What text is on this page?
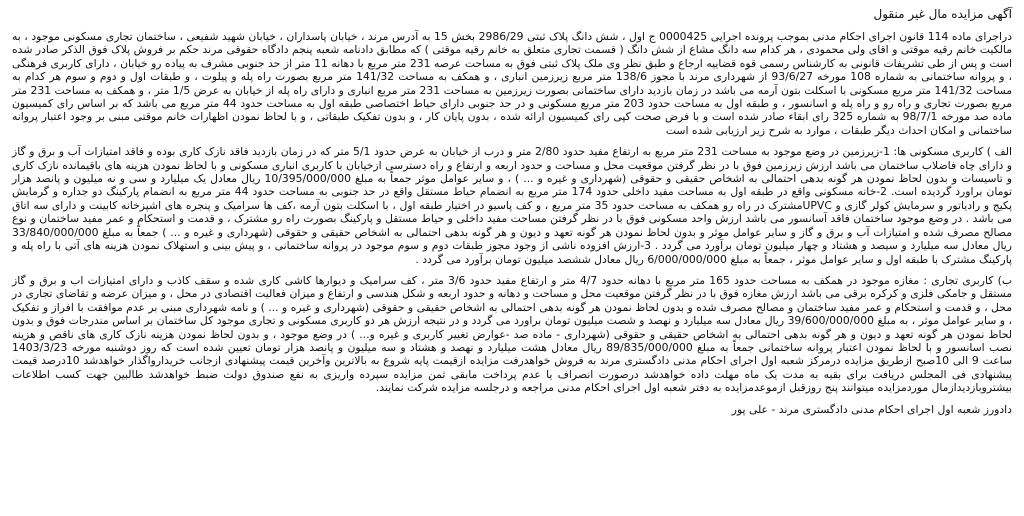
آگهی مزایده مال غیر منقول

دراجرای ماده 114 قانون اجرای احکام مدنی بموجب پرونده اجرایی 0000425 ج اول ، شش دانگ پلاک ثبتی 2986/29 بخش 15 به آدرس مرند ، خیابان پاسداران ، خیابان شهید شفیعی ، ساختمان تجاری مسکونی موجود ، به مالکیت خانم رقیه موقتی و اقای ولی محمودی ، هر کدام سه دانگ مشاع از شش دانگ ( قسمت تجاری متعلق به خانم رقیه موقتی ) که مطابق دادنامه شعبه پنجم دادگاه حقوقی مرند حکم بر فروش پلاک فوق الذکر صادر شده است و پس از طی تشریفات قانونی به کارشناس رسمی قوه قضاییه ارجاع و طبق نظر وی ملک پلاک ثبتی فوق به مساحت عرصه 231 متر مربع با دهانه 11 متر از حد جنوبی مشرف به پیاده رو خیابان ، دارای کاربری فرهنگی ، و پروانه ساختمانی به شماره 108 مورخه 93/6/27 از شهرداری مرند با مجوز 138/6 متر مربع زیرزمین انباری ، و همکف به مساحت 141/32 متر مربع بصورت راه پله و پیلوت ، و طبقات اول و دوم و سوم هر کدام به مساحت 141/32 متر مربع مسکونی با اسکلت بتون آرمه می باشد در زمان بازدید دارای ساختمانی بصورت زیرزمین به مساحت 231 متر مربع انباری و دارای راه پله از خیابان به عرض 1/5 متر ، و همکف به مساحت 231 متر مربع بصورت تجاری و راه رو و راه پله و اسانسور ، و طبقه اول به مساحت حدود 203 متر مربع مسکونی و در حد جنوبی دارای حیاط اختصاصی طبقه اول به مساحت حدود 44 متر مربع می باشد که بر اساس رای کمیسیون ماده صد مورخه 98/7/1 به شماره 325 رای ابقاء صادر شده است و با فرض صحت کپی رای کمیسیون ارائه شده ، بدون پایان کار ، و بدون تفکیک طبقاتی ، و با لحاظ نمودن اظهارات خانم موقتی مبنی بر وجود اعتبار پروانه ساختمانی و امکان احداث دیگر طبقات ، موارد به شرح زیر ارزیابی شده است

الف ) کاربری مسکونی ها: 1-زیرزمین در وضع موجود به مساحت 231 متر مربع به ارتفاع مفید حدود 2/80 متر و درب از خیابان به عرض حدود 5/1 متر که در زمان بازدید فاقد نازک کاری بوده و فاقد امتیازات آب و برق و گاز و دارای چاه فاضلاب ساختمان می باشد ارزش زیرزمین فوق با در نظر گرفتن موقعیت محل و مساحت و حدود اربعه و ارتفاع و راه دسترسی ازخیابان با کاربری انباری مسکونی و با لحاظ نمودن هزینه های باقیمانده نازک کاری و تاسیسات و بدون لحاظ نمودن هر گونه بدهی احتمالی به اشخاص حقیقی و حقوقی (شهرداری و غیره و ... ) ، و سایر عوامل موثر جمعاً به مبلغ 10/395/000/000 ریال معادل یک میلیارد و سی و نه میلیون و پانصد هزار تومان براورد گردیده است. 2-خانه مسکونی واقع در طبقه اول به مساحت مفید داخلی حدود 174 متر مربع به انضمام حیاط مستقل واقع در حد جنوبی به مساحت حدود 44 متر مربع به انضمام پارکینگ دو جداره و گرمایش پکیج و رادیاتور و سرمایش کولر گازی و UPVCمشترک در راه رو همکف به مساحت حدود 35 متر مربع ، و کف پاسیو در اختیار طبقه اول ، با اسکلت بتون آرمه ،کف ها سرامیک و پنجره های اشپزخانه کابینت و دارای سه اتاق می باشد . در وضع موجود ساختمان فاقد آسانسور می باشد ارزش واحد مسکونی فوق با در نظر گرفتن مساحت مفید داخلی و حیاط مستقل و پارکینگ بصورت راه رو مشترک ، و قدمت و استحکام و عمر مفید ساختمان و نوع مصالح مصرف شده و امتیازات آب و برق و گاز و سایر عوامل موثر و بدون لحاظ نمودن هر گونه تعهد و دیون و هر گونه بدهی احتمالی به اشخاص حقیقی و حقوقی (شهرداری و غیره و ... ) جمعاً به مبلغ 33/840/000/000 ریال معادل سه میلیارد و سیصد و هشتاد و چهار میلیون تومان برآورد می گردد . 3-ارزش افزوده ناشی از وجود مجوز طبقات دوم و سوم موجود در پروانه ساختمانی ، و پیش بینی و استهلاک نمودن هزینه های آتی با راه پله و پارکینگ مشترک با طبقه اول و سایر عوامل موثر ، جمعاً به مبلغ 6/000/000/000 ریال معادل ششصد میلیون تومان برآورد می گردد .

ب) کاربری تجاری : مغازه موجود در همکف به مساحت حدود 165 متر مربع با دهانه حدود 4/7 متر و ارتفاع مفید حدود 3/6 متر ، کف سرامیک و دیوارها کاشی کاری شده و سقف کاذب و دارای امتیازات اب و برق و گاز مستقل و جامکی فلزی و کرکره برقی می باشد ارزش مغازه فوق با در نظر گرفتن موقعیت محل و مساحت و دهانه و حدود اربعه و شکل هندسی و ارتفاع و میزان فعالیت اقتصادی در محل ، و میزان عرضه و تقاضای تجاری در محل ، و قدمت و استحکام و عمر مفید ساختمان و مصالح مصرف شده و بدون لحاظ نمودن هر گونه بدهی احتمالی به اشخاص حقیقی و حقوقی (شهرداری و غیره و ... ) و نامه شهرداری مبنی بر عدم موافقت با افراز و تفکیک ، و سایر عوامل موثر ، به مبلغ 39/600/000/000 ریال معادل سه میلیارد و نهصد و شصت میلیون تومان براورد می گردد و در نتیجه ارزش هر دو کاربری مسکونی و تجاری موجود کل ساختمان بر اساس مندرجات فوق و بدون لحاظ نمودن هر گونه تعهد و دیون و هر گونه بدهی احتمالی به اشخاص حقیقی و حقوقی (شهرداری - ماده صد -عوارض تغییر کاربری و غیره و... ) در وضع موجود ، و بدون لحاظ نمودن هزینه نازک کاری های ناقص و هزینه نصب اسانسور و با لحاظ نمودن اعتبار پروانه ساختمانی جمعاً به مبلغ 89/835/000/000 ریال معادل هشت میلیارد و نهصد و هشتاد و سه میلیون و پانصد هزار تومان تعیین شده است که روز دوشنبه مورخه 1403/3/23 ساعت 9 الی 10صبح ازطریق مزایده درمرکز شعبه اول اجرای احکام مدنی دادگستری مرند به فروش خواهدرفت مزایده ازقیمت پایه شروع به بالاترین وآخرین قیمت پیشنهادی ازجانب خریدارواگذار خواهدشد 10درصد قیمت پیشنهادی فی المجلس دریافت برای بقیه به مدت یک ماه مهلت داده خواهدشد درصورت انصراف یا عدم پرداخت مابقی ثمن مزایده سپرده واریزی به نفع صندوق دولت ضبط خواهدشد طالبین جهت کسب اطلاعات بیشتروبازدیدازمال موردمزایده میتوانند پنج روزقبل ازموعدمزایده به دفتر شعبه اول اجرای احکام مدنی مراجعه و درجلسه مزایده شرکت نمایند.

دادورز شعبه اول اجرای احکام مدنی دادگستری مرند - علی پور
